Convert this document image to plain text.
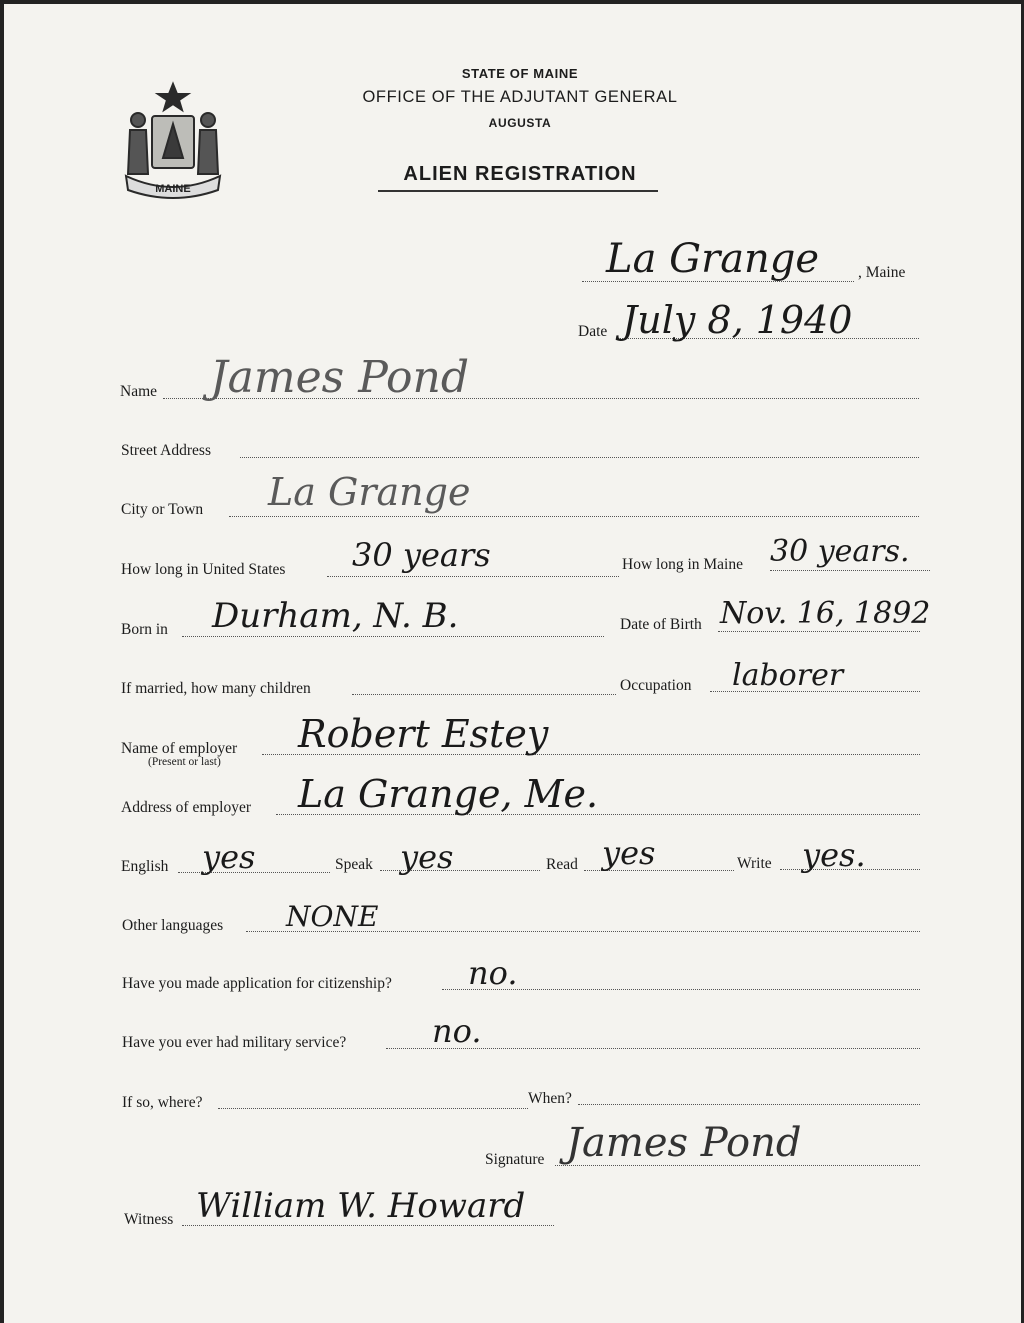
MAINE
STATE OF MAINE
OFFICE OF THE ADJUTANT GENERAL
AUGUSTA
ALIEN REGISTRATION
La Grange	, Maine
Date July 8, 1940
Name James Pond
Street Address
City or Town La Grange
How long in United States 30 years	How long in Maine 30 years.
Born in Durham, N. B.	Date of Birth Nov. 16, 1892
If married, how many children	Occupation laborer
Name of employer
(Present or last)
Robert Estey
Address of employer La Grange, Me.
English yes	Speak yes	Read yes	Write yes.
Other languages NONE
Have you made application for citizenship? no.
Have you ever had military service?	no.
If so, where?	When?
Signature James Pond
Witness William W. Howard
